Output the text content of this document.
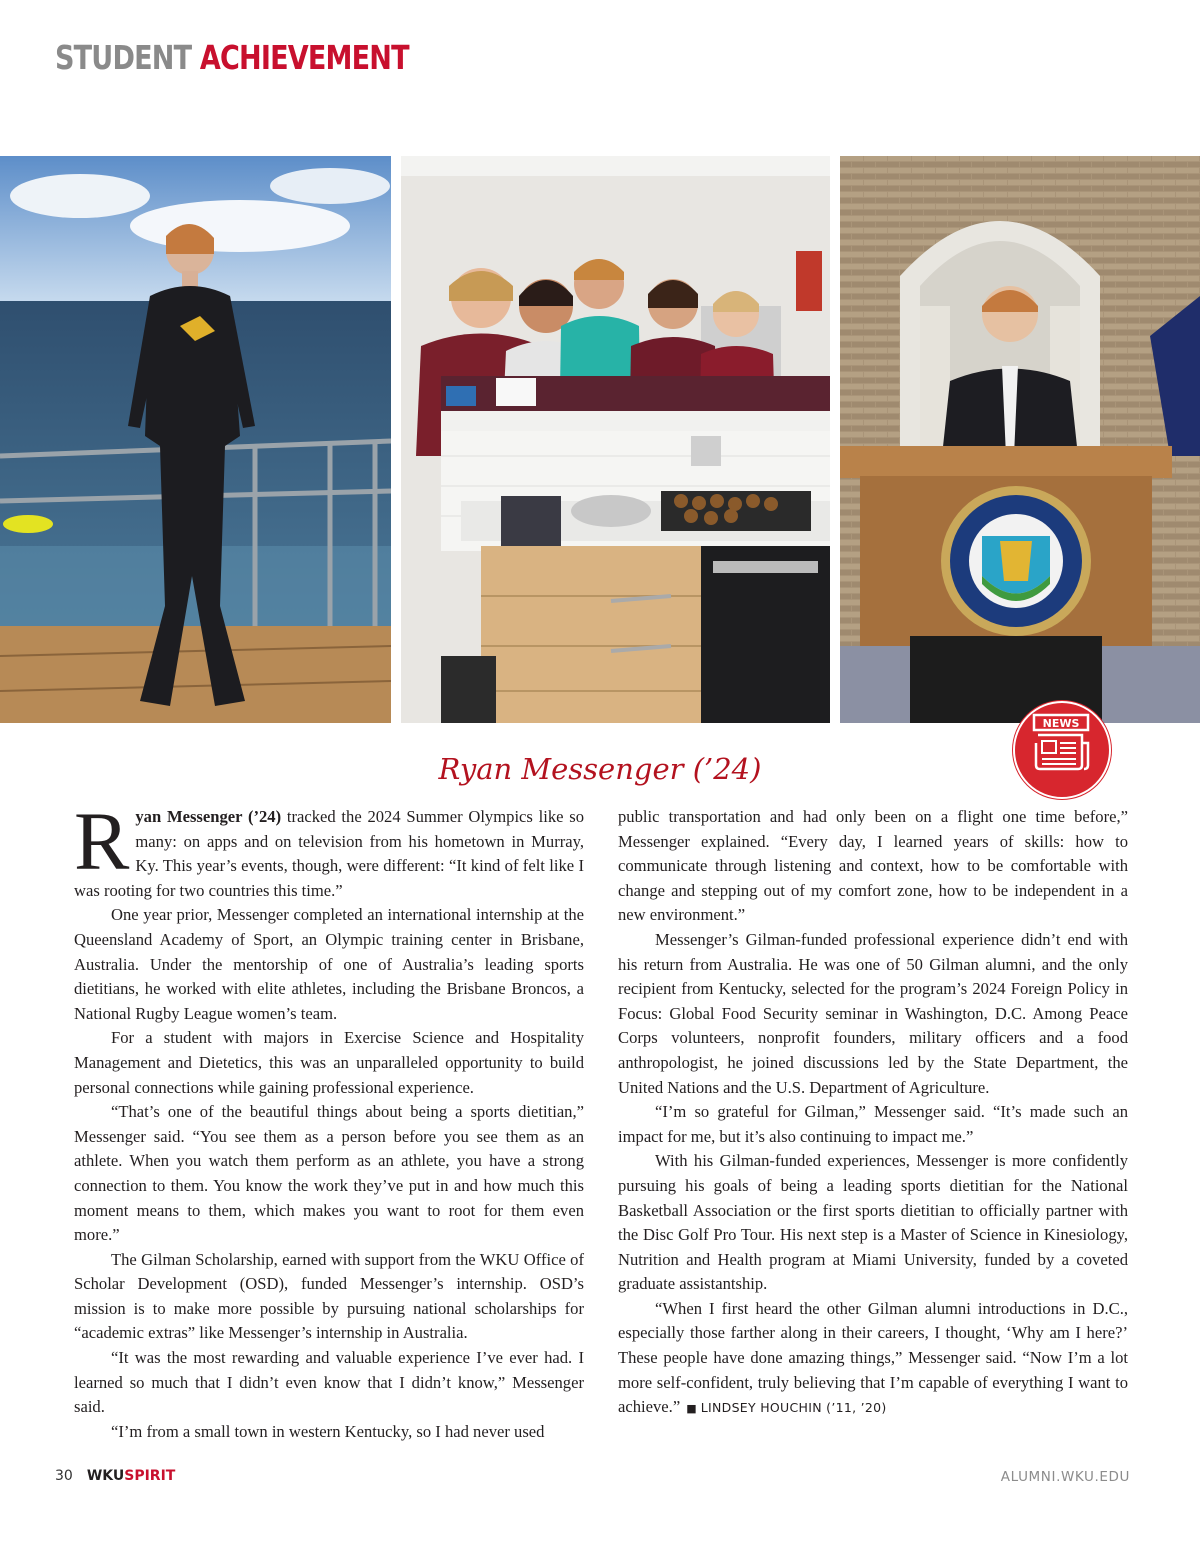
STUDENT ACHIEVEMENT
NEWS
Ryan Messenger (’24)

Ryan Messenger (’24) tracked the 2024 Summer Olympics like so many: on apps and on television from his hometown in Murray, Ky. This year’s events, though, were different: “It kind of felt like I was rooting for two countries this time.”

One year prior, Messenger completed an international internship at the Queensland Academy of Sport, an Olympic training center in Brisbane, Australia. Under the mentorship of one of Australia’s leading sports dietitians, he worked with elite athletes, including the Brisbane Broncos, a National Rugby League women’s team.

For a student with majors in Exercise Science and Hospitality Management and Dietetics, this was an unparalleled opportunity to build personal connections while gaining professional experience.

“That’s one of the beautiful things about being a sports dietitian,” Messenger said. “You see them as a person before you see them as an athlete. When you watch them perform as an athlete, you have a strong connection to them. You know the work they’ve put in and how much this moment means to them, which makes you want to root for them even more.”

The Gilman Scholarship, earned with support from the WKU Office of Scholar Development (OSD), funded Messenger’s internship. OSD’s mission is to make more possible by pursuing national scholarships for “academic extras” like Messenger’s internship in Australia.

“It was the most rewarding and valuable experience I’ve ever had. I learned so much that I didn’t even know that I didn’t know,” Messenger said.

“I’m from a small town in western Kentucky, so I had never used

public transportation and had only been on a flight one time before,” Messenger explained. “Every day, I learned years of skills: how to communicate through listening and context, how to be comfortable with change and stepping out of my comfort zone, how to be independent in a new environment.”

Messenger’s Gilman-funded professional experience didn’t end with his return from Australia. He was one of 50 Gilman alumni, and the only recipient from Kentucky, selected for the program’s 2024 Foreign Policy in Focus: Global Food Security seminar in Washington, D.C. Among Peace Corps volunteers, nonprofit founders, military officers and a food anthropologist, he joined discussions led by the State Department, the United Nations and the U.S. Department of Agriculture.

“I’m so grateful for Gilman,” Messenger said. “It’s made such an impact for me, but it’s also continuing to impact me.”

With his Gilman-funded experiences, Messenger is more confidently pursuing his goals of being a leading sports dietitian for the National Basketball Association or the first sports dietitian to officially partner with the Disc Golf Pro Tour. His next step is a Master of Science in Kinesiology, Nutrition and Health program at Miami University, funded by a coveted graduate assistantship.

“When I first heard the other Gilman alumni introductions in D.C., especially those farther along in their careers, I thought, ‘Why am I here?’ These people have done amazing things,” Messenger said. “Now I’m a lot more self-confident, truly believing that I’m capable of everything I want to achieve.” ■ LINDSEY HOUCHIN (’11, ’20)

30 WKUSPIRIT	ALUMNI.WKU.EDU
